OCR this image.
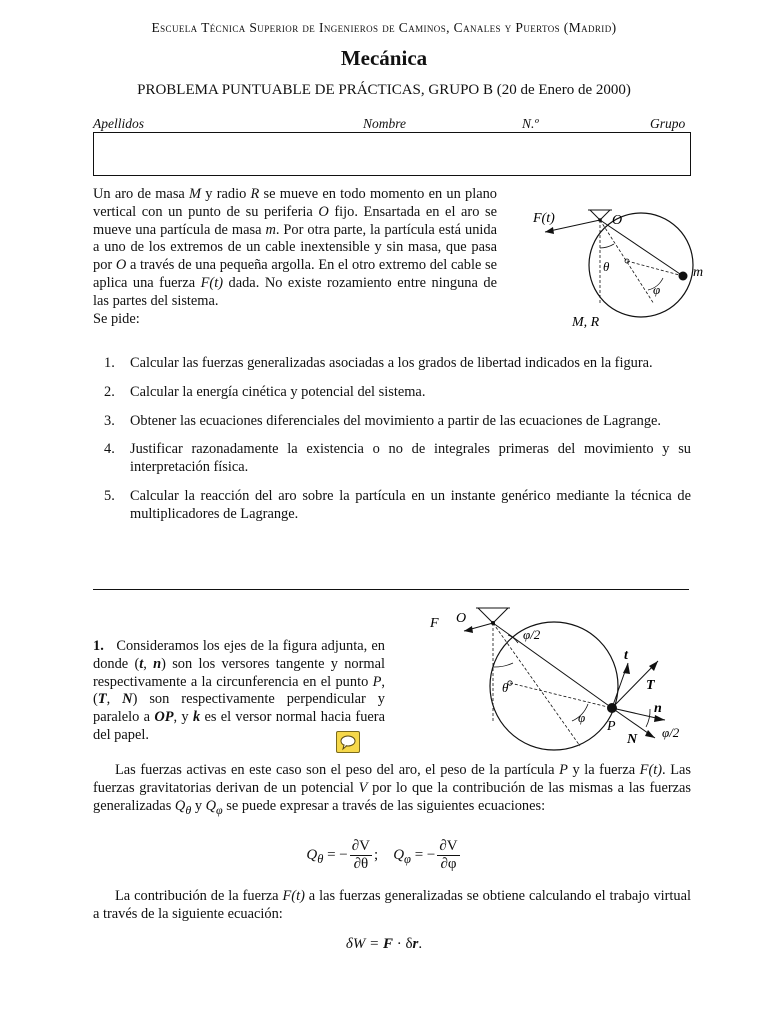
Escuela Técnica Superior de Ingenieros de Caminos, Canales y Puertos (Madrid)
Mecánica
PROBLEMA PUNTUABLE DE PRÁCTICAS, GRUPO B (20 de Enero de 2000)
Apellidos	Nombre	N.º	Grupo
Un aro de masa M y radio R se mueve en todo momento en un plano vertical con un punto de su periferia O fijo. Ensartada en el aro se mueve una partícula de masa m. Por otra parte, la partícula está unida a uno de los extremos de un cable inextensible y sin masa, que pasa por O a través de una pequeña argolla. En el otro extremo del cable se aplica una fuerza F(t) dada. No existe rozamiento entre ninguna de las partes del sistema.
Se pide:
F(t)	O
θ
φ
m
M, R
1. Calcular las fuerzas generalizadas asociadas a los grados de libertad indicados en la figura.
2. Calcular la energía cinética y potencial del sistema.
3. Obtener las ecuaciones diferenciales del movimiento a partir de las ecuaciones de Lagrange.
4. Justificar razonadamente la existencia o no de integrales primeras del movimiento y su interpretación física.
5. Calcular la reacción del aro sobre la partícula en un instante genérico mediante la técnica de multiplicadores de Lagrange.
F O
φ/2
θ
φ
P
t
T
n
N φ/2
1. Consideramos los ejes de la figura adjunta, en donde (t, n) son los versores tangente y normal respectivamente a la circunferencia en el punto P, (T, N) son respectivamente perpendicular y paralelo a OP, y k es el versor normal hacia fuera del papel.
Las fuerzas activas en este caso son el peso del aro, el peso de la partícula P y la fuerza F(t). Las fuerzas gravitatorias derivan de un potencial V por lo que la contribución de las mismas a las fuerzas generalizadas $Q_\theta$ y $Q_\varphi$ se puede expresar a través de las siguientes ecuaciones:
$Q_\theta$ = − $\frac{\partial V}{\partial\theta}$ ; $Q_\varphi$ = − $\frac{\partial V}{\partial\varphi}$
La contribución de la fuerza F(t) a las fuerzas generalizadas se obtiene calculando el trabajo virtual a través de la siguiente ecuación:
δW = F · δr.
